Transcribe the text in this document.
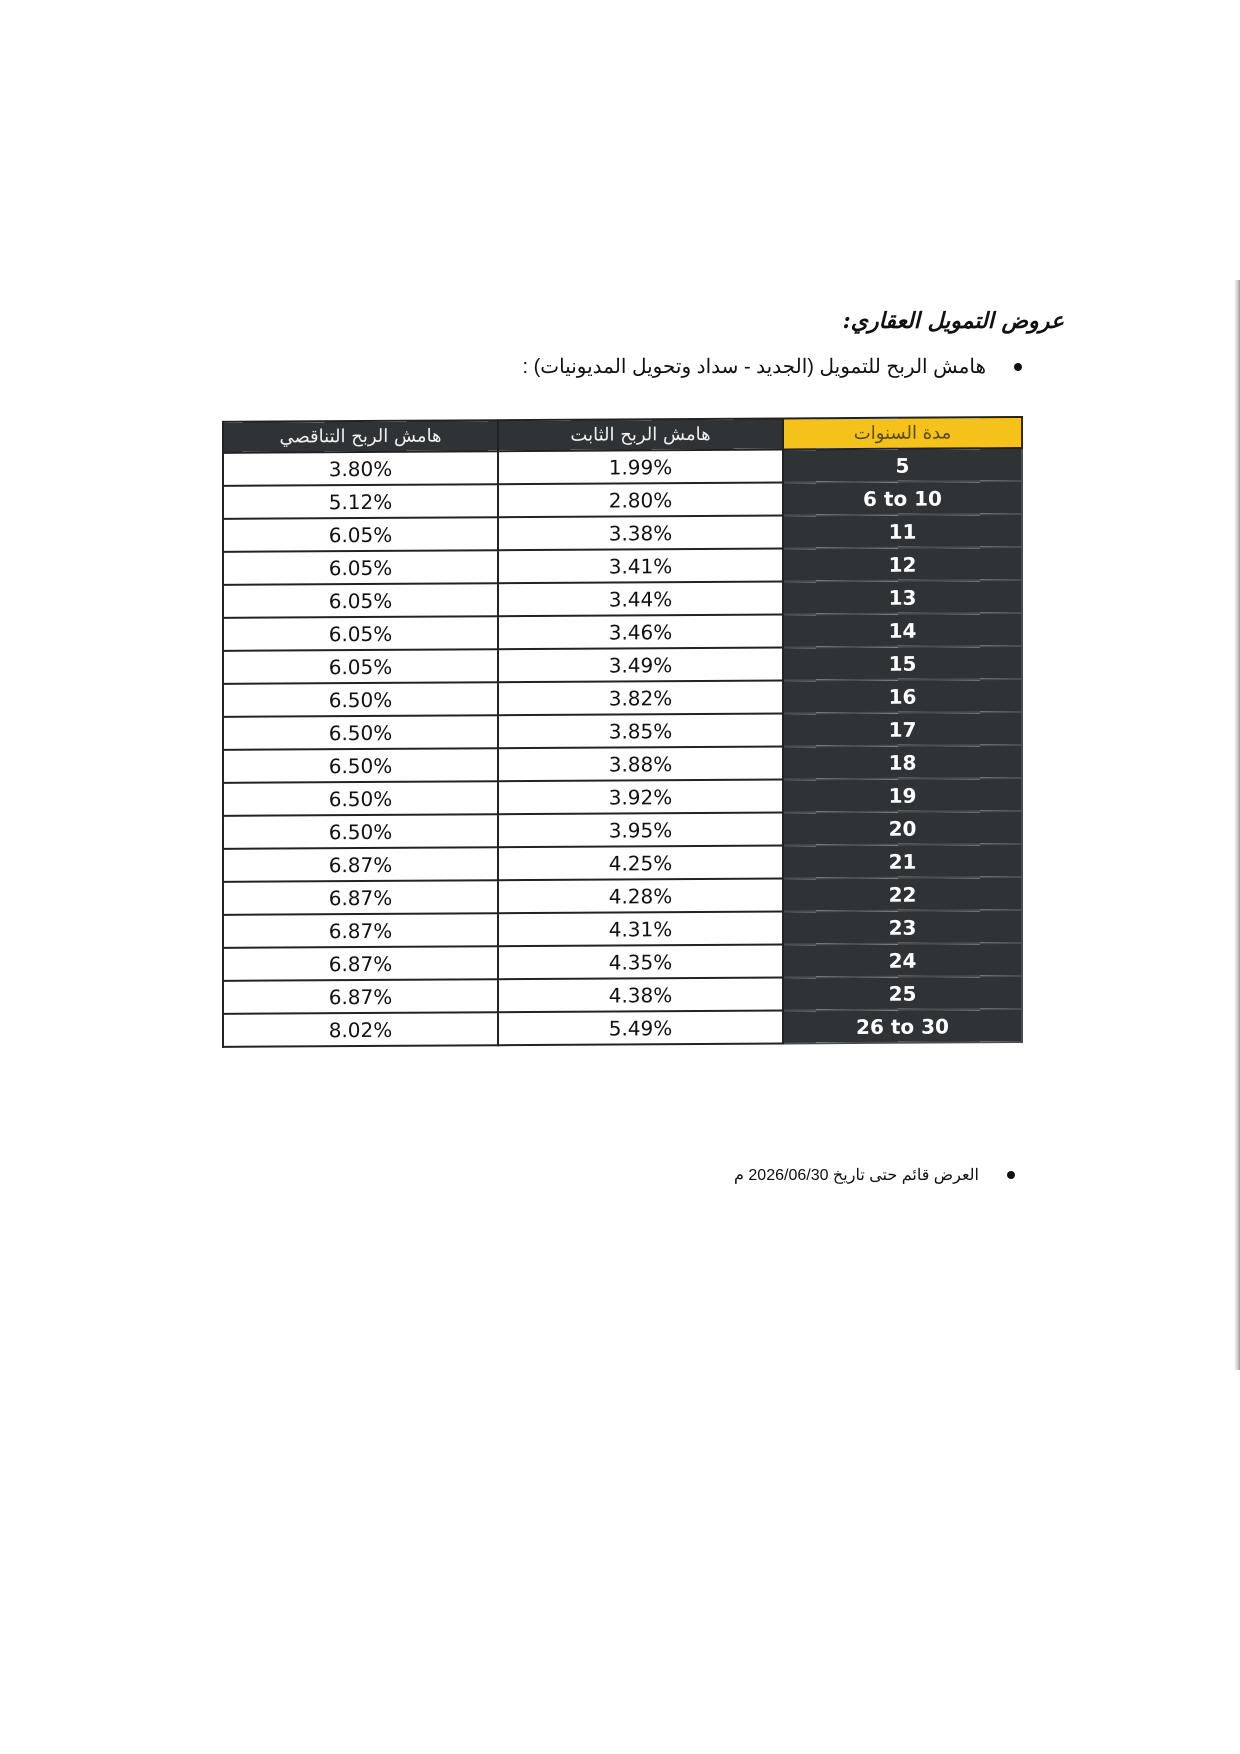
عروض التمويل العقاري:
هامش الربح للتمويل (الجديد - سداد وتحويل المديونيات) :
هامش الربح التناقصي	هامش الربح الثابت	مدة السنوات
3.80%	1.99%	5
5.12%	2.80%	6 to 10
6.05%	3.38%	11
6.05%	3.41%	12
6.05%	3.44%	13
6.05%	3.46%	14
6.05%	3.49%	15
6.50%	3.82%	16
6.50%	3.85%	17
6.50%	3.88%	18
6.50%	3.92%	19
6.50%	3.95%	20
6.87%	4.25%	21
6.87%	4.28%	22
6.87%	4.31%	23
6.87%	4.35%	24
6.87%	4.38%	25
8.02%	5.49%	26 to 30
العرض قائم حتى تاريخ 2026/06/30 م
